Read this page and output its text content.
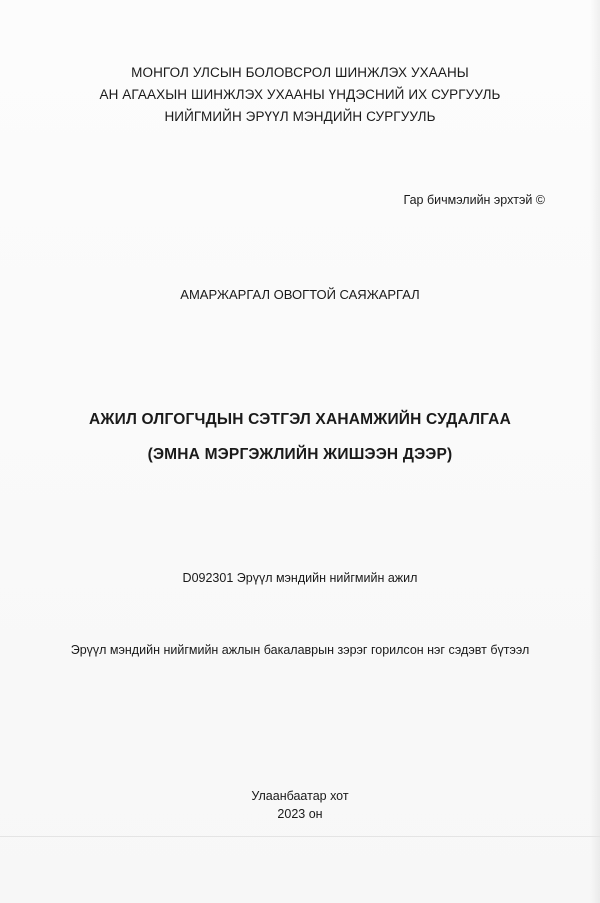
МОНГОЛ УЛСЫН БОЛОВСРОЛ ШИНЖЛЭХ УХААНЫ
АН АГААХЫН ШИНЖЛЭХ УХААНЫ ҮНДЭСНИЙ ИХ СУРГУУЛЬ
НИЙГМИЙН ЭРҮҮЛ МЭНДИЙН СУРГУУЛЬ
Гар бичмэлийн эрхтэй ©
АМАРЖАРГАЛ ОВОГТОЙ САЯЖАРГАЛ
АЖИЛ ОЛГОГЧДЫН СЭТГЭЛ ХАНАМЖИЙН СУДАЛГАА
(ЭМНА МЭРГЭЖЛИЙН ЖИШЭЭН ДЭЭР)
D092301 Эрүүл мэндийн нийгмийн ажил
Эрүүл мэндийн нийгмийн ажлын бакалаврын зэрэг горилсон нэг сэдэвт бүтээл
Улаанбаатар хот
2023 он
